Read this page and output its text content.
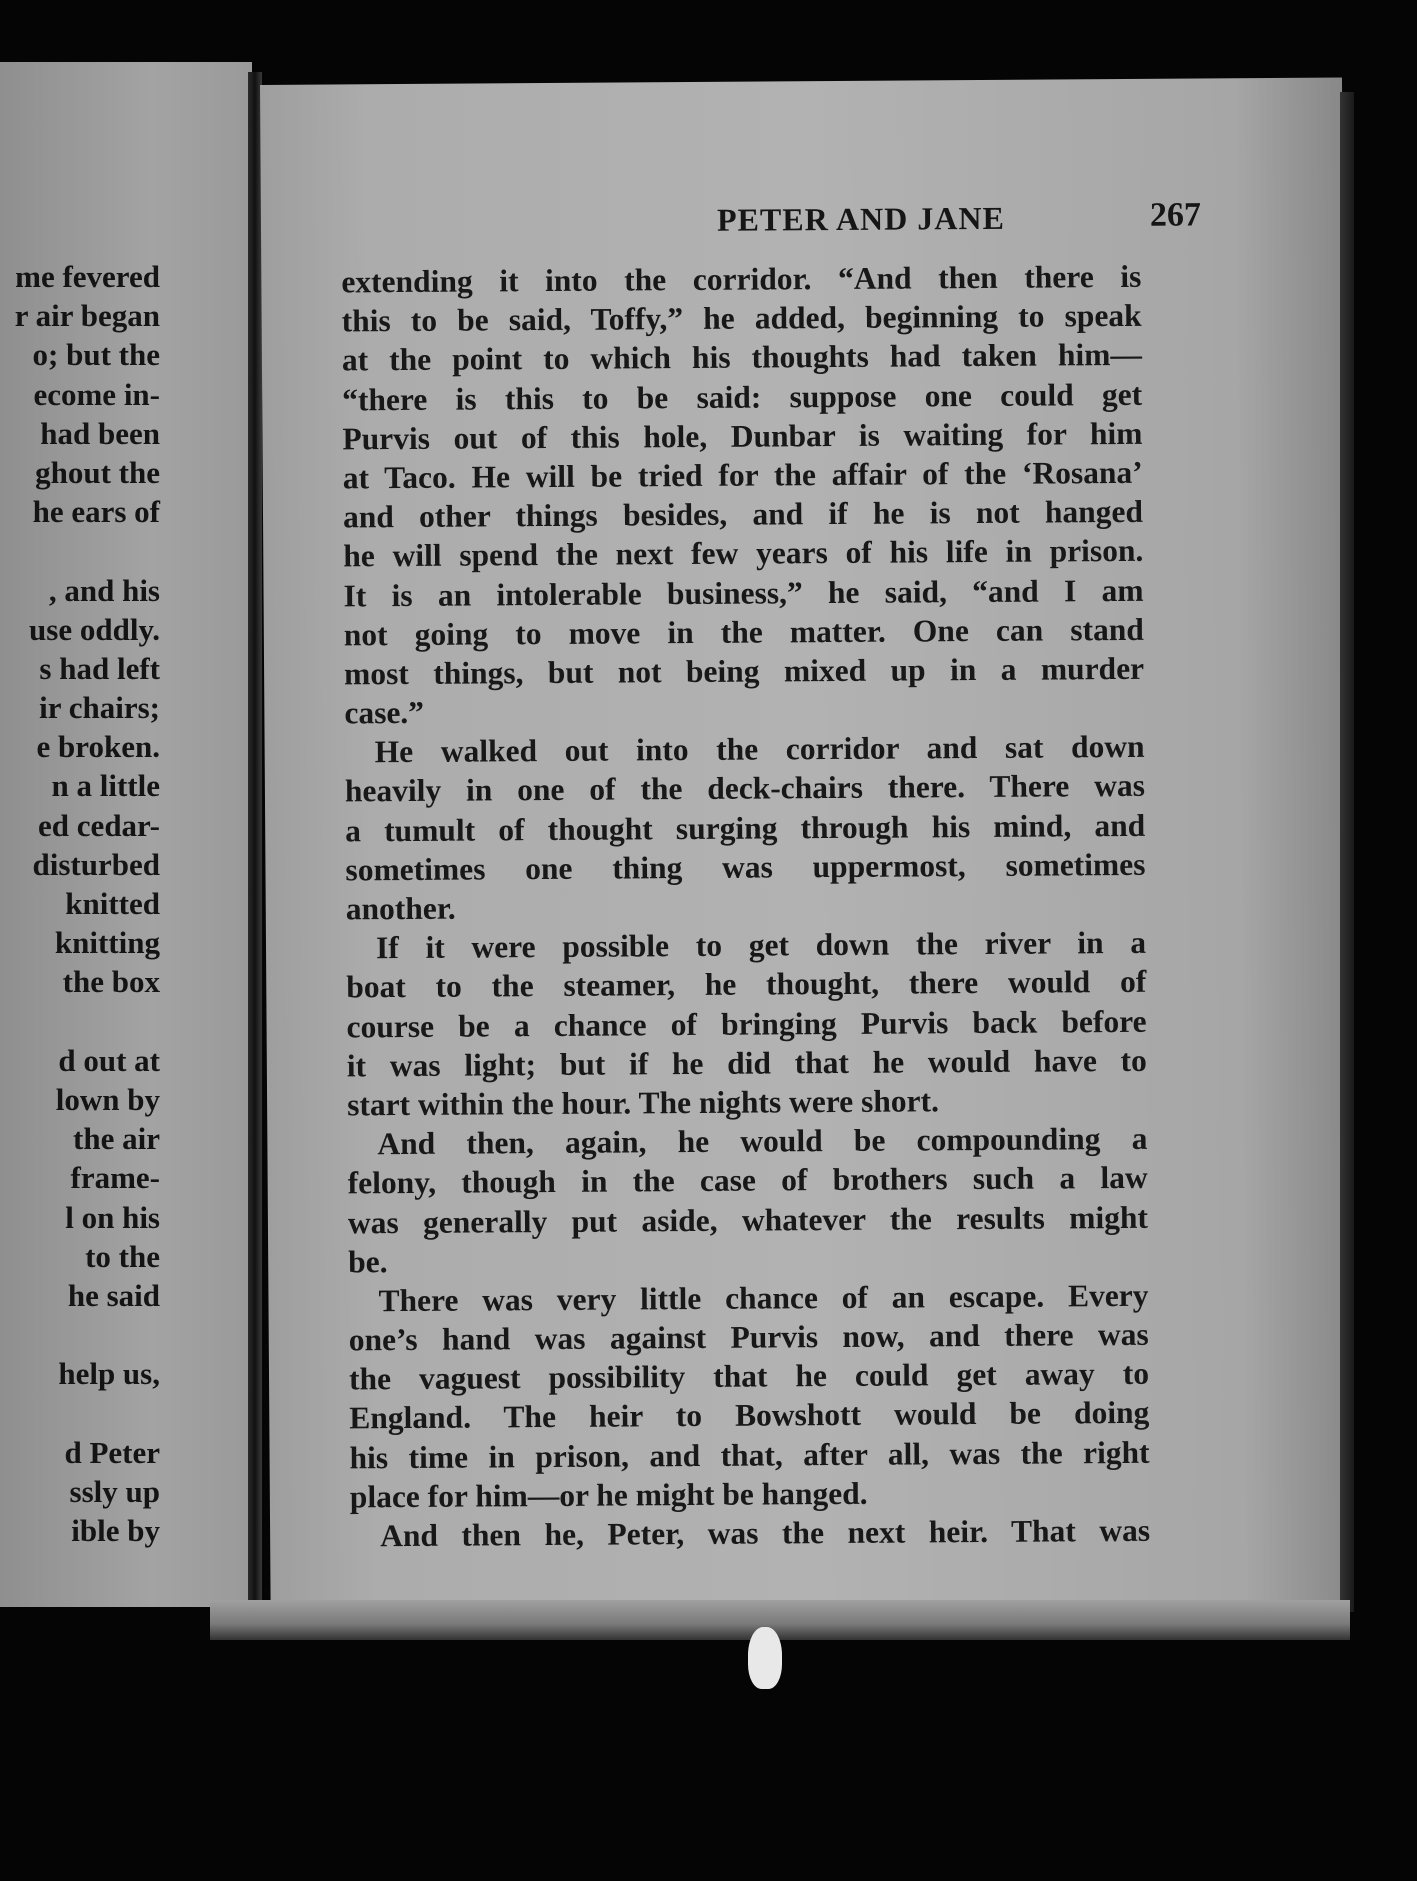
me fevered
r air began
o; but the
ecome in-
had been
ghout the
he ears of
, and his
use oddly.
s had left
ir chairs;
e broken.
n a little
ed cedar-
disturbed
knitted
knitting
the box
d out at
lown by
the air
frame-
l on his
to the
he said
help us,
d Peter
ssly up
ible by
PETER AND JANE	267
extending it into the corridor. “And then there is
this to be said, Toffy,” he added, beginning to speak
at the point to which his thoughts had taken him—
“there is this to be said: suppose one could get
Purvis out of this hole, Dunbar is waiting for him
at Taco. He will be tried for the affair of the ‘Rosana’
and other things besides, and if he is not hanged
he will spend the next few years of his life in prison.
It is an intolerable business,” he said, “and I am
not going to move in the matter. One can stand
most things, but not being mixed up in a murder
case.”
He walked out into the corridor and sat down
heavily in one of the deck-chairs there. There was
a tumult of thought surging through his mind, and
sometimes one thing was uppermost, sometimes
another.
If it were possible to get down the river in a
boat to the steamer, he thought, there would of
course be a chance of bringing Purvis back before
it was light; but if he did that he would have to
start within the hour. The nights were short.
And then, again, he would be compounding a
felony, though in the case of brothers such a law
was generally put aside, whatever the results might
be.
There was very little chance of an escape. Every
one’s hand was against Purvis now, and there was
the vaguest possibility that he could get away to
England. The heir to Bowshott would be doing
his time in prison, and that, after all, was the right
place for him—or he might be hanged.
And then he, Peter, was the next heir. That was
